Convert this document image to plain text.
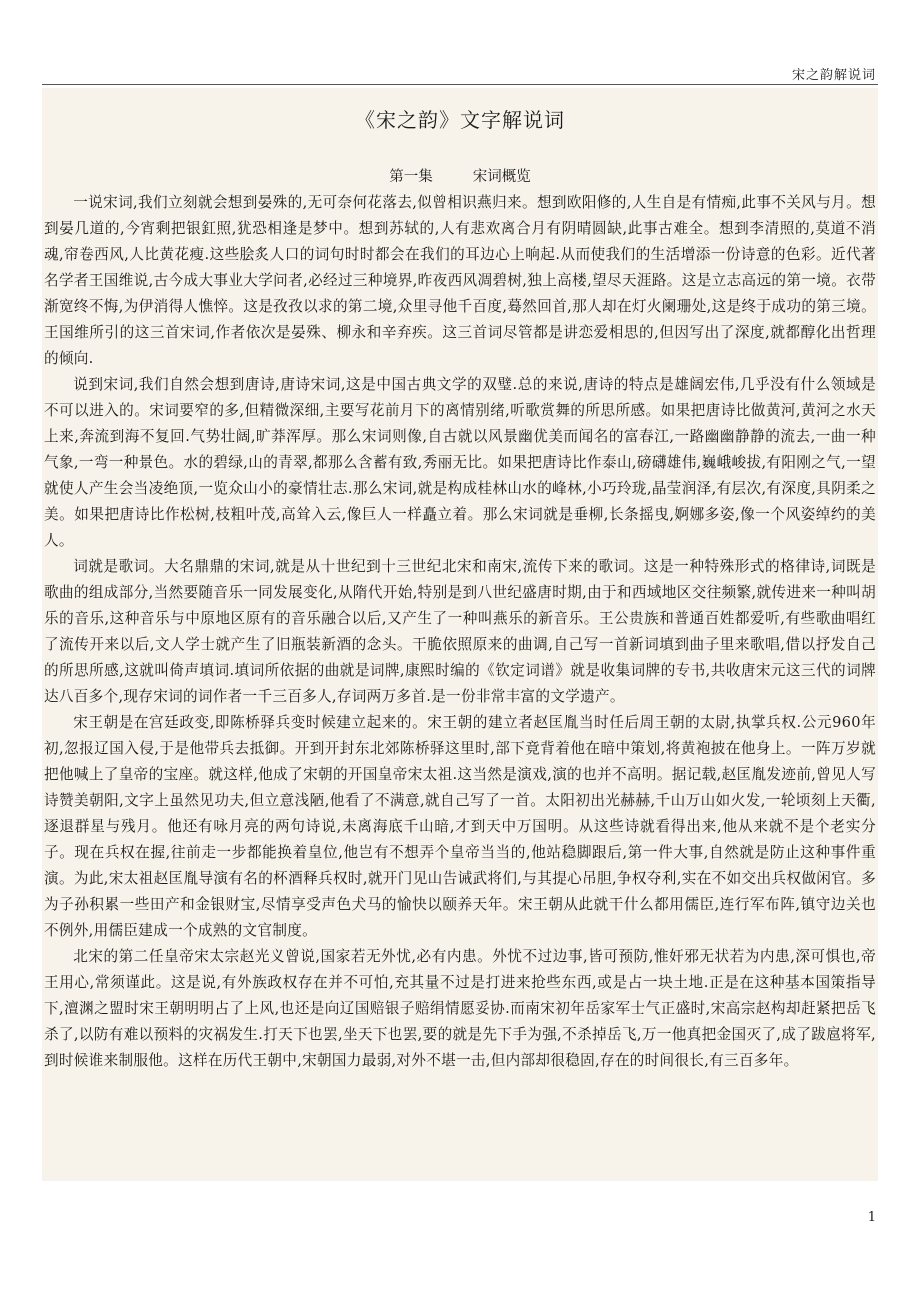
宋之韵解说词
《宋之韵》文字解说词
第一集	宋词概览

一说宋词,我们立刻就会想到晏殊的,无可奈何花落去,似曾相识燕归来。想到欧阳修的,人生自是有情痴,此事不关风与月。想到晏几道的,今宵剩把银釭照,犹恐相逢是梦中。想到苏轼的,人有悲欢离合月有阴晴圆缺,此事古难全。想到李清照的,莫道不消魂,帘卷西风,人比黄花瘦.这些脍炙人口的词句时时都会在我们的耳边心上响起.从而使我们的生活增添一份诗意的色彩。近代著名学者王国维说,古今成大事业大学问者,必经过三种境界,昨夜西风凋碧树,独上高楼,望尽天涯路。这是立志高远的第一境。衣带渐宽终不悔,为伊消得人憔悴。这是孜孜以求的第二境,众里寻他千百度,蓦然回首,那人却在灯火阑珊处,这是终于成功的第三境。王国维所引的这三首宋词,作者依次是晏殊、柳永和辛弃疾。这三首词尽管都是讲恋爱相思的,但因写出了深度,就都醇化出哲理的倾向.

说到宋词,我们自然会想到唐诗,唐诗宋词,这是中国古典文学的双璧.总的来说,唐诗的特点是雄阔宏伟,几乎没有什么领域是不可以进入的。宋词要窄的多,但精微深细,主要写花前月下的离情别绪,听歌赏舞的所思所感。如果把唐诗比做黄河,黄河之水天上来,奔流到海不复回.气势壮阔,旷莽浑厚。那么宋词则像,自古就以风景幽优美而闻名的富春江,一路幽幽静静的流去,一曲一种气象,一弯一种景色。水的碧绿,山的青翠,都那么含蓄有致,秀丽无比。如果把唐诗比作泰山,磅礴雄伟,巍峨峻拔,有阳刚之气,一望就使人产生会当凌绝顶,一览众山小的豪情壮志.那么宋词,就是构成桂林山水的峰林,小巧玲珑,晶莹润泽,有层次,有深度,具阴柔之美。如果把唐诗比作松树,枝粗叶茂,高耸入云,像巨人一样矗立着。那么宋词就是垂柳,长条摇曳,婀娜多姿,像一个风姿绰约的美人。

词就是歌词。大名鼎鼎的宋词,就是从十世纪到十三世纪北宋和南宋,流传下来的歌词。这是一种特殊形式的格律诗,词既是歌曲的组成部分,当然要随音乐一同发展变化,从隋代开始,特别是到八世纪盛唐时期,由于和西域地区交往频繁,就传进来一种叫胡乐的音乐,这种音乐与中原地区原有的音乐融合以后,又产生了一种叫燕乐的新音乐。王公贵族和普通百姓都爱听,有些歌曲唱红了流传开来以后,文人学士就产生了旧瓶装新酒的念头。干脆依照原来的曲调,自己写一首新词填到曲子里来歌唱,借以抒发自己的所思所感,这就叫倚声填词.填词所依据的曲就是词牌,康熙时编的《钦定词谱》就是收集词牌的专书,共收唐宋元这三代的词牌达八百多个,现存宋词的词作者一千三百多人,存词两万多首.是一份非常丰富的文学遗产。

宋王朝是在宫廷政变,即陈桥驿兵变时候建立起来的。宋王朝的建立者赵匡胤当时任后周王朝的太尉,执掌兵权.公元960年初,忽报辽国入侵,于是他带兵去抵御。开到开封东北郊陈桥驿这里时,部下竟背着他在暗中策划,将黄袍披在他身上。一阵万岁就把他喊上了皇帝的宝座。就这样,他成了宋朝的开国皇帝宋太祖.这当然是演戏,演的也并不高明。据记载,赵匡胤发迹前,曾见人写诗赞美朝阳,文字上虽然见功夫,但立意浅陋,他看了不满意,就自己写了一首。太阳初出光赫赫,千山万山如火发,一轮顷刻上天衢,逐退群星与残月。他还有咏月亮的两句诗说,未离海底千山暗,才到天中万国明。从这些诗就看得出来,他从来就不是个老实分子。现在兵权在握,往前走一步都能换着皇位,他岂有不想弄个皇帝当当的,他站稳脚跟后,第一件大事,自然就是防止这种事件重演。为此,宋太祖赵匡胤导演有名的杯酒释兵权时,就开门见山告诫武将们,与其提心吊胆,争权夺利,实在不如交出兵权做闲官。多为子孙积累一些田产和金银财宝,尽情享受声色犬马的愉快以颐养天年。宋王朝从此就干什么都用儒臣,连行军布阵,镇守边关也不例外,用儒臣建成一个成熟的文官制度。

北宋的第二任皇帝宋太宗赵光义曾说,国家若无外忧,必有内患。外忧不过边事,皆可预防,惟奸邪无状若为内患,深可惧也,帝王用心,常须谨此。这是说,有外族政权存在并不可怕,充其量不过是打进来抢些东西,或是占一块土地.正是在这种基本国策指导下,澶渊之盟时宋王朝明明占了上风,也还是向辽国赔银子赔绢情愿妥协.而南宋初年岳家军士气正盛时,宋高宗赵构却赶紧把岳飞杀了,以防有难以预料的灾祸发生.打天下也罢,坐天下也罢,要的就是先下手为强,不杀掉岳飞,万一他真把金国灭了,成了跋扈将军,到时候谁来制服他。这样在历代王朝中,宋朝国力最弱,对外不堪一击,但内部却很稳固,存在的时间很长,有三百多年。

1
